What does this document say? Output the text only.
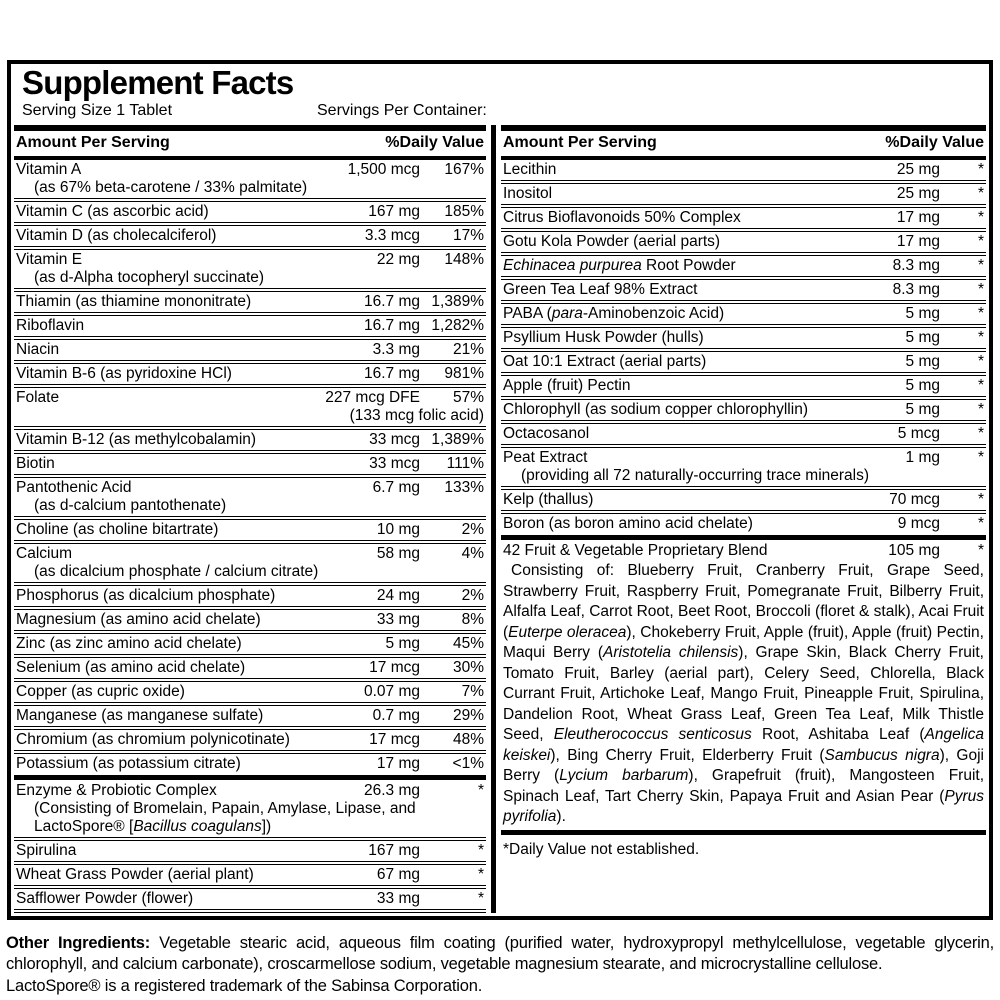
Supplement Facts
Serving Size 1 Tablet	Servings Per Container:
Amount Per Serving	%Daily Value
Vitamin A	1,500 mcg	167%
(as 67% beta-carotene / 33% palmitate)
Vitamin C (as ascorbic acid)	167 mg	185%
Vitamin D (as cholecalciferol)	3.3 mcg	17%
Vitamin E	22 mg	148%
(as d-Alpha tocopheryl succinate)
Thiamin (as thiamine mononitrate)	16.7 mg 1,389%
Riboflavin	16.7 mg 1,282%
Niacin	3.3 mg	21%
Vitamin B-6 (as pyridoxine HCl)	16.7 mg	981%
Folate	227 mcg DFE	57%
(133 mcg folic acid)
Vitamin B-12 (as methylcobalamin)	33 mcg 1,389%
Biotin	33 mcg	111%
Pantothenic Acid	6.7 mg	133%
(as d-calcium pantothenate)
Choline (as choline bitartrate)	10 mg	2%
Calcium	58 mg	4%
(as dicalcium phosphate / calcium citrate)
Phosphorus (as dicalcium phosphate)	24 mg	2%
Magnesium (as amino acid chelate)	33 mg	8%
Zinc (as zinc amino acid chelate)	5 mg	45%
Selenium (as amino acid chelate)	17 mcg	30%
Copper (as cupric oxide)	0.07 mg	7%
Manganese (as manganese sulfate)	0.7 mg	29%
Chromium (as chromium polynicotinate)	17 mcg	48%
Potassium (as potassium citrate)	17 mg	<1%
Enzyme & Probiotic Complex	26.3 mg	*
(Consisting of Bromelain, Papain, Amylase, Lipase, and LactoSpore® [Bacillus coagulans])
Spirulina	167 mg	*
Wheat Grass Powder (aerial plant)	67 mg	*
Safflower Powder (flower)	33 mg	*
Amount Per Serving	%Daily Value
Lecithin	25 mg	*
Inositol	25 mg	*
Citrus Bioflavonoids 50% Complex	17 mg	*
Gotu Kola Powder (aerial parts)	17 mg	*
Echinacea purpurea Root Powder	8.3 mg	*
Green Tea Leaf 98% Extract	8.3 mg	*
PABA (para-Aminobenzoic Acid)	5 mg	*
Psyllium Husk Powder (hulls)	5 mg	*
Oat 10:1 Extract (aerial parts)	5 mg	*
Apple (fruit) Pectin	5 mg	*
Chlorophyll (as sodium copper chlorophyllin)	5 mg	*
Octacosanol	5 mcg	*
Peat Extract	1 mg	*
(providing all 72 naturally-occurring trace minerals)
Kelp (thallus)	70 mcg	*
Boron (as boron amino acid chelate)	9 mcg	*
42 Fruit & Vegetable Proprietary Blend	105 mg	*
Consisting of: Blueberry Fruit, Cranberry Fruit, Grape Seed, Strawberry Fruit, Raspberry Fruit, Pomegranate Fruit, Bilberry Fruit, Alfalfa Leaf, Carrot Root, Beet Root, Broccoli (floret & stalk), Acai Fruit (Euterpe oleracea), Chokeberry Fruit, Apple (fruit), Apple (fruit) Pectin, Maqui Berry (Aristotelia chilensis), Grape Skin, Black Cherry Fruit, Tomato Fruit, Barley (aerial part), Celery Seed, Chlorella, Black Currant Fruit, Artichoke Leaf, Mango Fruit, Pineapple Fruit, Spirulina, Dandelion Root, Wheat Grass Leaf, Green Tea Leaf, Milk Thistle Seed, Eleutherococcus senticosus Root, Ashitaba Leaf (Angelica keiskei), Bing Cherry Fruit, Elderberry Fruit (Sambucus nigra), Goji Berry (Lycium barbarum), Grapefruit (fruit), Mangosteen Fruit, Spinach Leaf, Tart Cherry Skin, Papaya Fruit and Asian Pear (Pyrus pyrifolia).
*Daily Value not established.
Other Ingredients: Vegetable stearic acid, aqueous film coating (purified water, hydroxypropyl methylcellulose, vegetable glycerin, chlorophyll, and calcium carbonate), croscarmellose sodium, vegetable magnesium stearate, and microcrystalline cellulose.
LactoSpore® is a registered trademark of the Sabinsa Corporation.
